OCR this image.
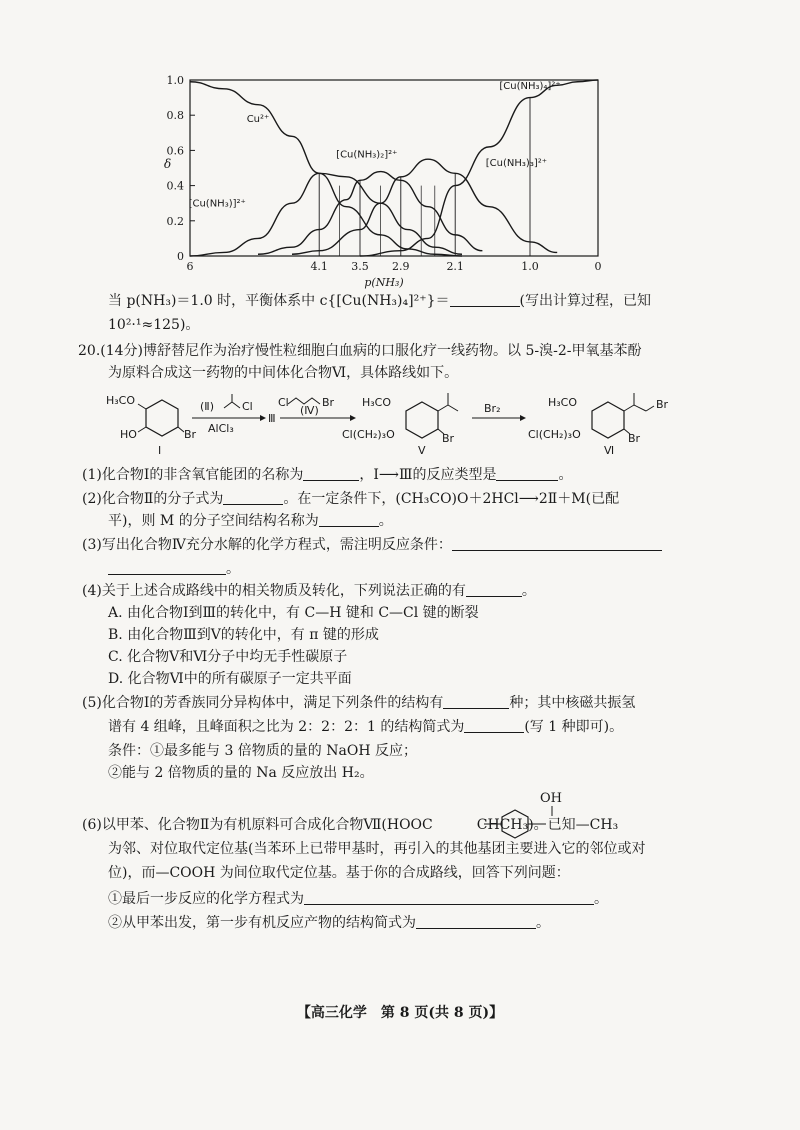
0
0.2
0.4
0.6
0.8
1.0
δ
6	4.1 3.5 2.9	2.1	1.0	0
p(NH₃)
Cu²⁺
[Cu(NH₃)]²⁺
[Cu(NH₃)₂]²⁺
[Cu(NH₃)₃]²⁺
[Cu(NH₃)₄]²⁺
当 p(NH₃)＝1.0 时，平衡体系中 c{[Cu(NH₃)₄]²⁺}＝	(写出计算过程，已知
10²·¹≈125)。
20.(14分)博舒替尼作为治疗慢性粒细胞白血病的口服化疗一线药物。以 5-溴-2-甲氧基苯酚
为原料合成这一药物的中间体化合物Ⅵ，具体路线如下。
H₃CO
HO	Br
Ⅰ
(Ⅱ)	Cl
AlCl₃
Ⅲ
Cl	Br
(Ⅳ)
H₃CO
Cl(CH₂)₃O	Br
Ⅴ
Br₂	H₃CO
Cl(CH₂)₃O	Br
Br
Ⅵ
(1)化合物Ⅰ的非含氧官能团的名称为	，Ⅰ⟶Ⅲ的反应类型是	。
(2)化合物Ⅱ的分子式为	。在一定条件下，(CH₃CO)O＋2HCl⟶2Ⅱ＋M(已配
平)，则 M 的分子空间结构名称为	。
(3)写出化合物Ⅳ充分水解的化学方程式，需注明反应条件：
。
(4)关于上述合成路线中的相关物质及转化，下列说法正确的有	。
A. 由化合物Ⅰ到Ⅲ的转化中，有 C—H 键和 C—Cl 键的断裂
B. 由化合物Ⅲ到Ⅴ的转化中，有 π 键的形成
C. 化合物Ⅴ和Ⅵ分子中均无手性碳原子
D. 化合物Ⅵ中的所有碳原子一定共平面
(5)化合物Ⅰ的芳香族同分异构体中，满足下列条件的结构有	种；其中核磁共振氢
谱有 4 组峰，且峰面积之比为 2：2：2：1 的结构简式为	(写 1 种即可)。
条件：①最多能与 3 倍物质的量的 NaOH 反应；
②能与 2 倍物质的量的 Na 反应放出 H₂。
OH
(6)以甲苯、化合物Ⅱ为有机原料可合成化合物Ⅶ(HOOC	CHCH₃)。已知—CH₃
为邻、对位取代定位基(当苯环上已带甲基时，再引入的其他基团主要进入它的邻位或对
位)，而—COOH 为间位取代定位基。基于你的合成路线，回答下列问题：
①最后一步反应的化学方程式为	。
②从甲苯出发，第一步有机反应产物的结构简式为	。
【高三化学　第 8 页(共 8 页)】
